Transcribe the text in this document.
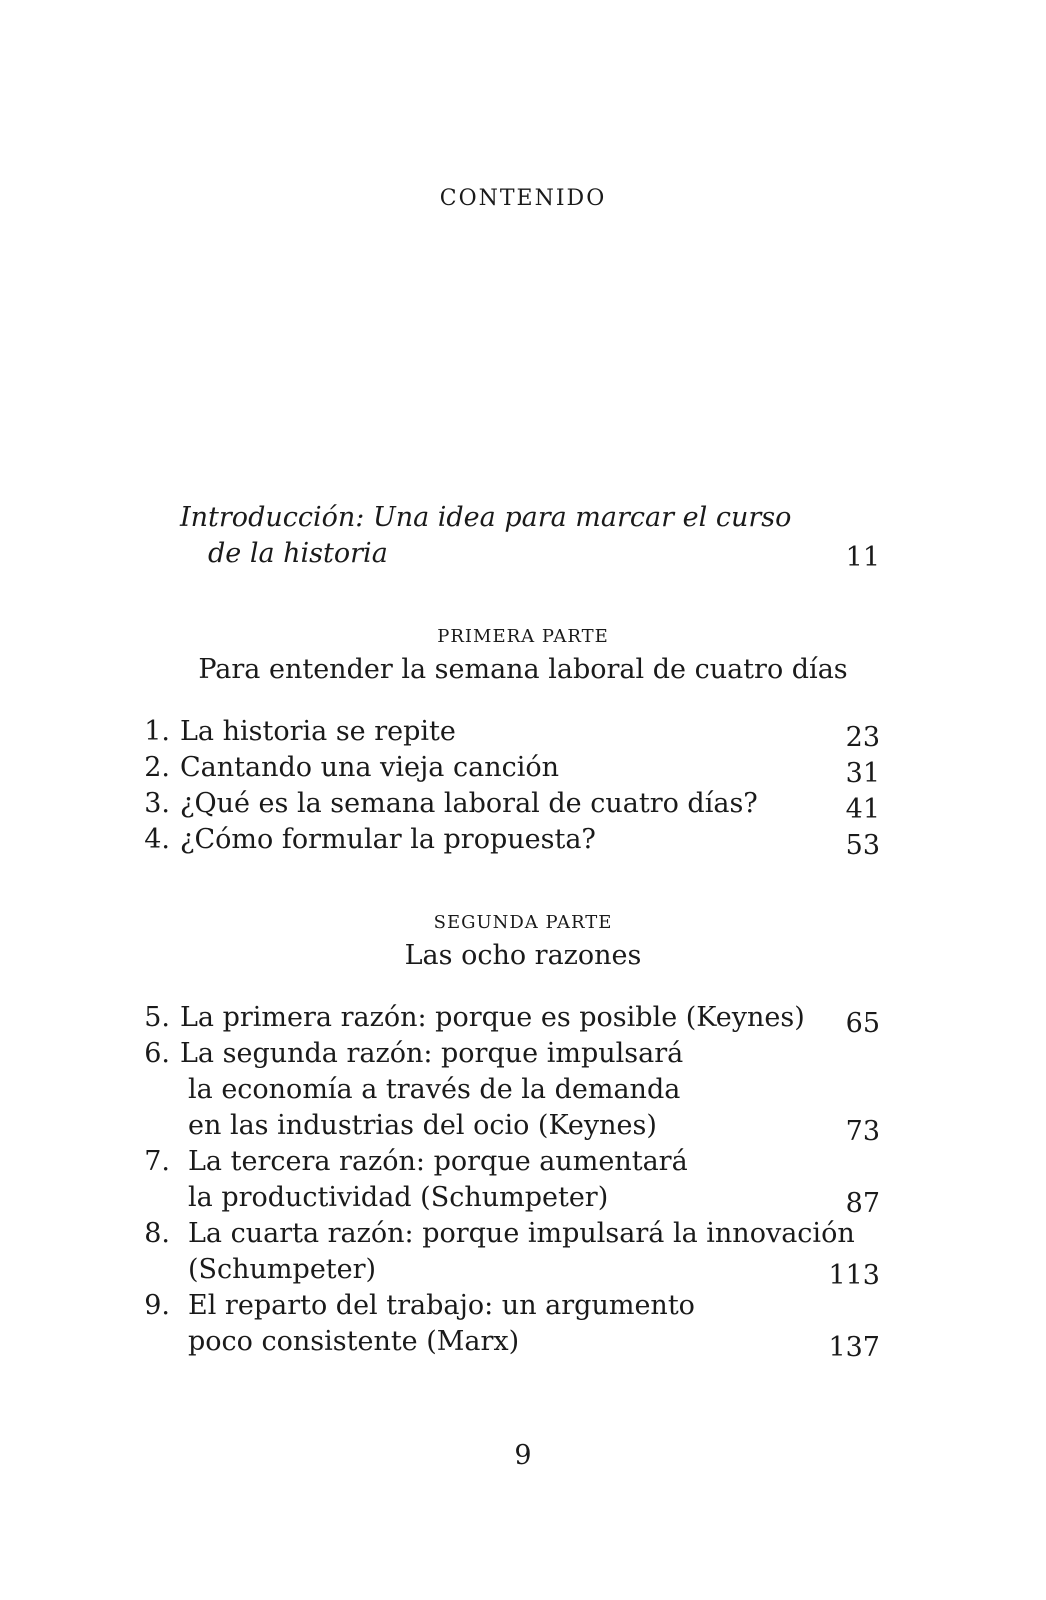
CONTENIDO
Introducción: Una idea para marcar el curso
de la historia	11
PRIMERA PARTE
Para entender la semana laboral de cuatro días
1. La historia se repite	23
2. Cantando una vieja canción	31
3. ¿Qué es la semana laboral de cuatro días?	41
4. ¿Cómo formular la propuesta?	53
SEGUNDA PARTE
Las ocho razones
5. La primera razón: porque es posible (Keynes)	65
6. La segunda razón: porque impulsará
la economía a través de la demanda
en las industrias del ocio (Keynes)	73
7. La tercera razón: porque aumentará
la productividad (Schumpeter)	87
8. La cuarta razón: porque impulsará la innovación
(Schumpeter)	113
9. El reparto del trabajo: un argumento
poco consistente (Marx)	137
9
